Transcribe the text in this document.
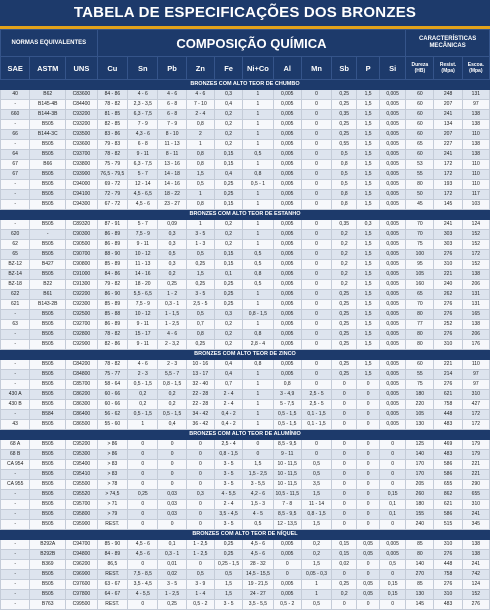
TABELA DE ESPECIFICAÇÕES DOS BRONZES
NORMAS EQUIVALENTES			COMPOSIÇÃO QUÍMICA											CARACTERÍSTICAS MECÂNICAS		
SAE	ASTM	UNS	Cu	Sn	Pb	Zn	Fe	Ni+Co	Al	Mn	Sb	P	Si	Dureza (HB)	Resist. (Mpa)	Escoa. (Mpa)
BRONZES COM ALTO TEOR DE CHUMBO																
40	B62	C83600	84 - 86	4 - 6	4 - 6	4 - 6	0,3	1	0,005	0	0,25	1,5	0,005	60	248	131
-	B145-4B	C84400	78 - 82	2,3 - 3,5	6 - 8	7 - 10	0,4	1	0,005	0	0,25	1,5	0,005	60	207	97
660	B144-3B	C93200	81 - 85	6,3 - 7,5	6 - 8	2 - 4	0,2	1	0,005	0	0,35	1,5	0,005	60	241	138
-	B505	C93200	82 - 85	7 - 9	7 - 9	0,8	0,2	1	0,005	0	0,25	1,5	0,005	60	134	138
66	B144-3C	C93500	83 - 86	4,3 - 6	8 - 10	2	0,2	1	0,005	0	0,25	1,5	0,005	60	207	110
-	B505	C93600	79 - 83	6 - 8	11 - 13	1	0,2	1	0,005	0	0,55	1,5	0,005	65	227	138
64	B505	C93700	78 - 82	9 - 11	8 - 11	0,8	0,15	0,5	0,005	0	0,5	1,5	0,005	60	241	138
67	B66	C93800	75 - 79	6,3 - 7,5	13 - 16	0,8	0,15	1	0,005	0	0,8	1,5	0,005	53	172	110
67	B505	C93900	76,5 - 79,5	5 - 7	14 - 18	1,5	0,4	0,8	0,005	0	0,5	1,5	0,005	55	172	110
-	B505	C94000	69 - 72	12 - 14	14 - 16	0,5	0,25	0,5 - 1	0,005	0	0,5	1,5	0,005	80	193	110
-	B505	C94100	72 - 79	4,5 - 6,5	18 - 22	1	0,25	1	0,005	0	0,8	1,5	0,005	50	172	117
-	B505	C94300	67 - 72	4,5 - 6	23 - 27	0,8	0,15	1	0,005	0	0,8	1,5	0,005	45	145	103
BRONZES COM ALTO TEOR DE ESTANHO																
-	B505	C89320	87 - 91	5 - 7	0,09	1	0,2	1	0,005	0	0,35	0,3	0,005	70	241	124
620	-	C90300	86 - 89	7,5 - 9	0,3	3 - 5	0,2	1	0,005	0	0,2	1,5	0,005	70	303	152
62	B505	C90500	86 - 89	9 - 11	0,3	1 - 3	0,2	1	0,005	0	0,2	1,5	0,005	75	303	152
65	B505	C90700	88 - 90	10 - 12	0,5	0,5	0,15	0,5	0,005	0	0,2	1,5	0,005	100	276	172
BZ-12	B427	C90800	85 - 89	11 - 13	0,3	0,25	0,15	0,5	0,005	0	0,2	1,5	0,005	95	310	152
BZ-14	B505	C91000	84 - 86	14 - 16	0,2	1,5	0,1	0,8	0,005	0	0,2	1,5	0,005	105	221	138
BZ-18	B22	C91300	79 - 82	18 - 20	0,25	0,25	0,25	0,5	0,005	0	0,2	1,5	0,005	160	240	206
622	B61	C92200	86 - 90	5,5 - 6,5	1 - 2	3 - 5	0,25	1	0,005	0	0,25	1,5	0,005	65	262	131
621	B143-2B	C92300	85 - 89	7,5 - 9	0,3 - 1	2,5 - 5	0,25	1	0,005	0	0,25	1,5	0,005	70	276	131
-	B505	C92500	85 - 88	10 - 12	1 - 1,5	0,5	0,3	0,8 - 1,5	0,005	0	0,25	1,5	0,005	80	276	165
63	B505	C92700	86 - 89	9 - 11	1 - 2,5	0,7	0,2	1	0,005	0	0,25	1,5	0,005	77	252	138
-	B505	C92800	78 - 82	15 - 17	4 - 6	0,8	0,2	0,8	0,005	0	0,25	1,5	0,005	80	276	206
-	B505	C92900	82 - 86	9 - 11	2 - 3,2	0,25	0,2	2,8 - 4	0,005	0	0,25	1,5	0,005	80	310	176
BRONZES COM ALTO TEOR DE ZINCO																
-	B505	C84200	78 - 82	4 - 6	2 - 3	10 - 16	0,4	0,8	0,005	0	0,25	1,5	0,005	60	221	110
-	B505	C84800	75 - 77	2 - 3	5,5 - 7	13 - 17	0,4	1	0,005	0	0,25	1,5	0,005	55	214	97
-	B505	C85700	58 - 64	0,5 - 1,5	0,8 - 1,5	32 - 40	0,7	1	0,8	0	0	0	0,005	75	276	97
430 A	B505	C86200	60 - 66	0,2	0,2	22 - 28	2 - 4	1	3 - 4,9	2,5 - 5	0	0	0,005	180	621	310
430 B	B505	C86300	60 - 66	0,2	0,2	22 - 28	2 - 4	1	5 - 7,5	2,5 - 5	0	0	0,005	220	758	427
-	B584	C86400	56 - 62	0,5 - 1,5	0,5 - 1,5	34 - 42	0,4 - 2	1	0,5 - 1,5	0,1 - 1,5	0	0	0,005	105	448	172
43	B505	C86500	55 - 60	1	0,4	36 - 42	0,4 - 2	1	0,5 - 1,5	0,1 - 1,5	0	0	0,005	130	483	172
BRONZES COM ALTO TEOR DE ALUMÍNIO																
68 A	B505	C95200	> 86	0	0	0	2,5 - 4	0	8,5 - 9,5	0	0	0	0	125	469	179
68 B	B505	C95300	> 86	0	0	0	0,8 - 1,5	0	9 - 11	0	0	0	0	140	483	179
CA 954	B505	C95400	> 83	0	0	0	3 - 5	1,5	10 - 11,5	0,5	0	0	0	170	586	221
-	B505	C95410	> 83	0	0	0	3 - 5	1,5 - 2,5	10 - 11,5	0,5	0	0	0	170	586	221
CA 955	B505	C95500	> 78	0	0	0	3 - 5	3 - 5,5	10 - 11,5	3,5	0	0	0	205	655	290
-	B505	C95520	> 74,5	0,25	0,03	0,3	4 - 5,5	4,2 - 6	10,5 - 11,5	1,5	0	0	0,15	260	862	655
-	B505	C95700	> 71	0	0,03	0	2 - 4	1,5 - 3	7 - 8	11 - 14	0	0	0,1	180	621	310
-	B505	C95800	> 79	0	0,03	0	3,5 - 4,5	4 - 5	8,5 - 9,5	0,8 - 1,5	0	0	0,1	155	586	241
-	B505	C95900	REST.	0	0	0	3 - 5	0,5	12 - 13,5	1,5	0	0	0	240	515	345
BRONZES COM ALTO TEOR DE NÍQUEL																
-	B292A	C94700	85 - 90	4,5 - 6	0,1	1 - 2,5	0,25	4,5 - 6	0,005	0,2	0,15	0,05	0,005	85	310	138
-	B292B	C94800	84 - 89	4,5 - 6	0,3 - 1	1 - 2,5	0,25	4,5 - 6	0,005	0,2	0,15	0,05	0,005	80	276	138
-	B369	C96200	86,5	0	0,01	0	0,25 - 1,5	28 - 32	0	1,5	0,02	0	0,5	140	448	241
-	B505	C96900	REST.	7,5 - 8,5	0,02	0,5	0,5	14,5 - 15,5	0	0,05 - 0,3	0	0	0	270	758	742
-	B505	C97600	63 - 67	3,5 - 4,5	3 - 5	3 - 9	1,5	19 - 21,5	0,005	1	0,25	0,05	0,15	85	276	124
-	B505	C97800	64 - 67	4 - 5,5	1 - 2,5	1 - 4	1,5	24 - 27	0,005	1	0,2	0,05	0,15	130	310	152
-	B763	C99500	REST.	0	0,25	0,5 - 2	3 - 5	3,5 - 5,5	0,5 - 2	0,5	0	0	0	145	483	276
